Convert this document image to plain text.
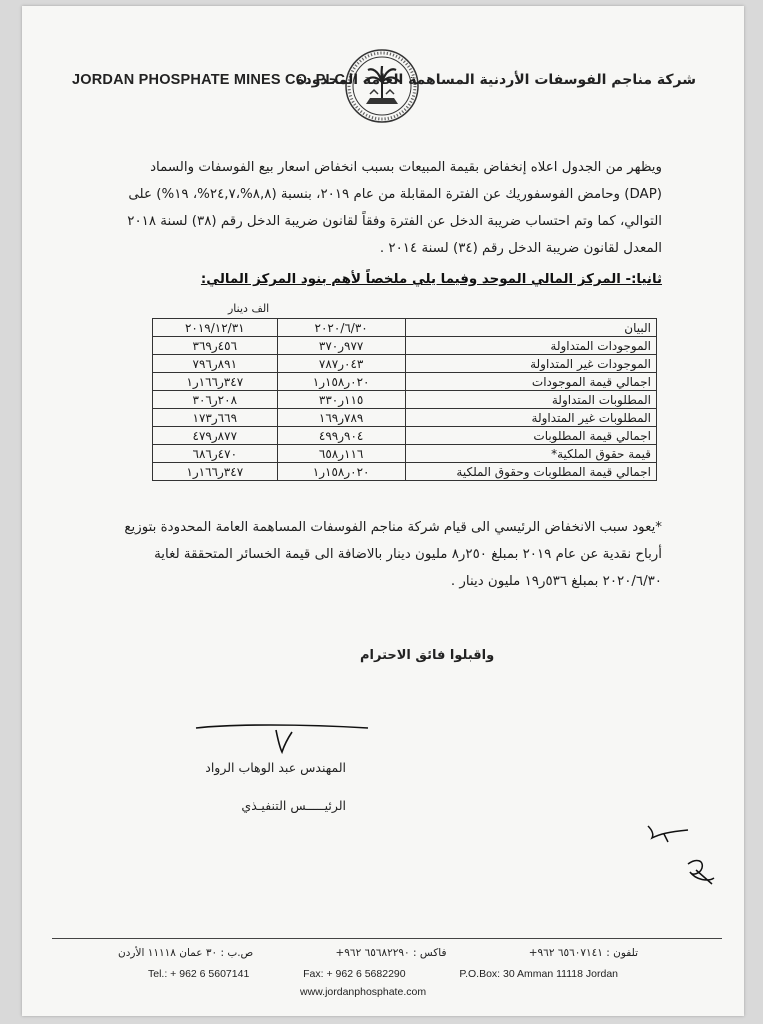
JORDAN PHOSPHATE MINES CO. PLC
شركة مناجم الفوسفات الأردنية المساهمة العامة المحدودة
ويظهر من الجدول اعلاه إنخفاض بقيمة المبيعات بسبب انخفاض اسعار بيع الفوسفات والسماد (DAP) وحامض الفوسفوريك عن الفترة المقابلة من عام ٢٠١٩، بنسبة (٨,٨%،٢٤,٧%، ١٩%) على التوالي، كما وتم احتساب ضريبة الدخل عن الفترة وفقاً لقانون ضريبة الدخل رقم (٣٨) لسنة ٢٠١٨ المعدل لقانون ضريبة الدخل رقم (٣٤) لسنة ٢٠١٤ .
ثانيا:- المركز المالي الموحد وفيما يلي ملخصاً لأهم بنود المركز المالي:
الف دينار
البيان	٢٠٢٠/٦/٣٠	٢٠١٩/١٢/٣١
الموجودات المتداولة	٩٧٧ر٣٧٠	٤٥٦ر٣٦٩
الموجودات غير المتداولة	٠٤٣ر٧٨٧	٨٩١ر٧٩٦
اجمالي قيمة الموجودات	٠٢٠ر١٥٨ر١	٣٤٧ر١٦٦ر١
المطلوبات المتداولة	١١٥ر٣٣٠	٢٠٨ر٣٠٦
المطلوبات غير المتداولة	٧٨٩ر١٦٩	٦٦٩ر١٧٣
اجمالي قيمة المطلوبات	٩٠٤ر٤٩٩	٨٧٧ر٤٧٩
قيمة حقوق الملكية*	١١٦ر٦٥٨	٤٧٠ر٦٨٦
اجمالي قيمة المطلوبات وحقوق الملكية	٠٢٠ر١٥٨ر١	٣٤٧ر١٦٦ر١
*يعود سبب الانخفاض الرئيسي الى قيام شركة مناجم الفوسفات المساهمة العامة المحدودة بتوزيع أرباح نقدية عن عام ٢٠١٩ بمبلغ ٢٥٠ر٨ مليون دينار بالاضافة الى قيمة الخسائر المتحققة لغاية ٢٠٢٠/٦/٣٠ بمبلغ ٥٣٦ر١٩ مليون دينار .
واقبلوا فائق الاحترام
المهندس عبد الوهاب الرواد
الرئيـــــس التنفيـذي
تلفون : ٦٥٦٠٧١٤١ ٩٦٢+
فاكس : ٦٥٦٨٢٢٩٠ ٩٦٢+
ص.ب : ٣٠ عمان ١١١١٨ الأردن
Tel.: + 962 6 5607141	Fax: + 962 6 5682290	P.O.Box: 30 Amman 11118 Jordan
www.jordanphosphate.com
